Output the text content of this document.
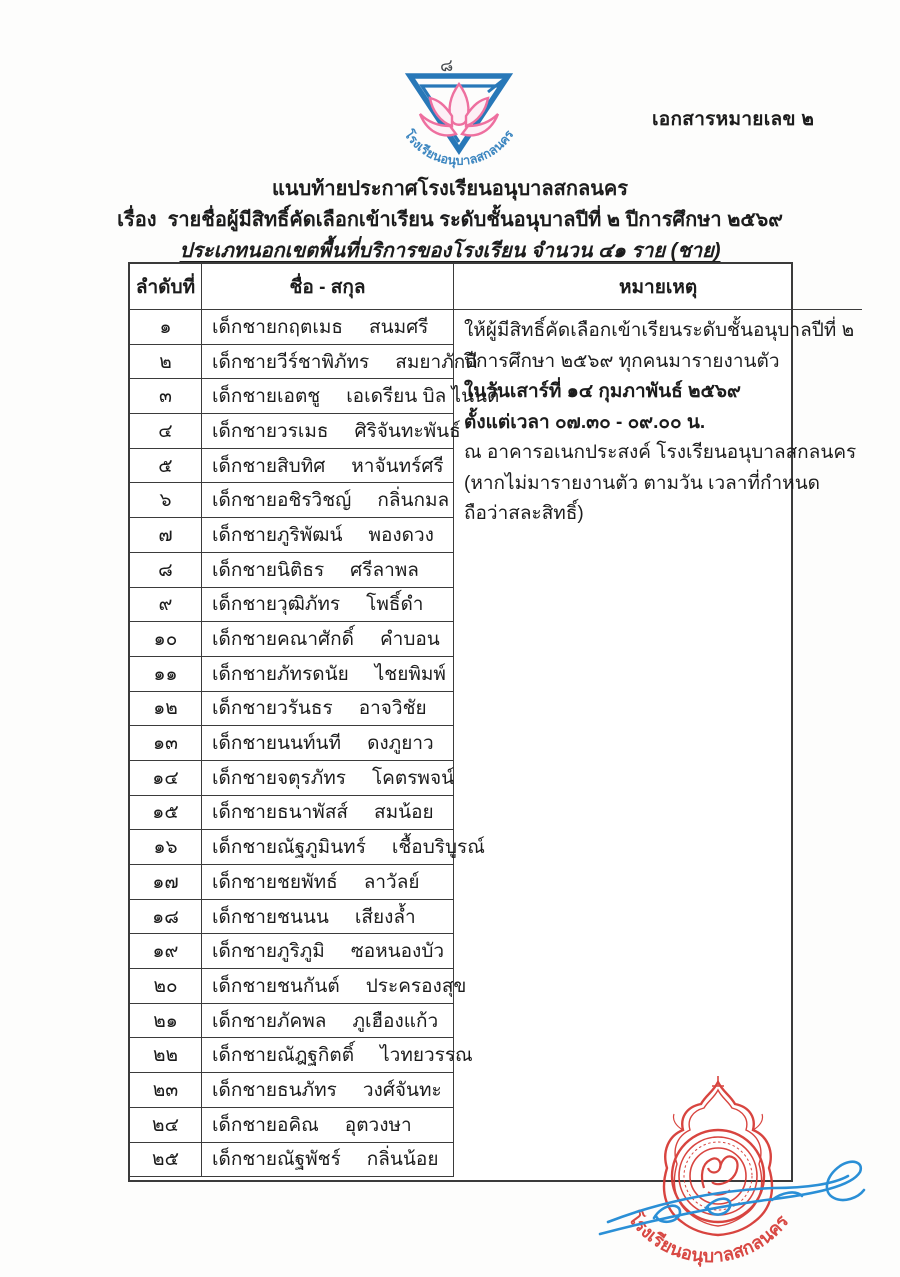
๘
โรงเรียนอนุบาลสกลนคร
เอกสารหมายเลข ๒
แนบท้ายประกาศโรงเรียนอนุบาลสกลนคร
เรื่อง  รายชื่อผู้มีสิทธิ์คัดเลือกเข้าเรียน ระดับชั้นอนุบาลปีที่ ๒ ปีการศึกษา ๒๕๖๙
ประเภทนอกเขตพื้นที่บริการของโรงเรียน จำนวน ๔๑ ราย (ชาย)
ลำดับที่	ชื่อ - สกุล	หมายเหตุ
ให้ผู้มีสิทธิ์คัดเลือกเข้าเรียนระดับชั้นอนุบาลปีที่ ๒
ปีการศึกษา ๒๕๖๙ ทุกคนมารายงานตัว
ในวันเสาร์ที่ ๑๔ กุมภาพันธ์ ๒๕๖๙
ตั้งแต่เวลา ๐๗.๓๐ - ๐๙.๐๐ น.
ณ อาคารอเนกประสงค์ โรงเรียนอนุบาลสกลนคร
(หากไม่มารายงานตัว ตามวัน เวลาที่กำหนด
ถือว่าสละสิทธิ์)
๑	เด็กชายกฤตเมธ สนมศรี
๒	เด็กชายวีร์ชาพิภัทร สมยาภักดี
๓	เด็กชายเอตชู เอเดรียน บิล ไนนดิ
๔	เด็กชายวรเมธ ศิริจันทะพันธ์
๕	เด็กชายสิบทิศ หาจันทร์ศรี
๖	เด็กชายอชิรวิชญ์ กลิ่นกมล
๗	เด็กชายภูริพัฒน์ พองดวง
๘	เด็กชายนิติธร ศรีลาพล
๙	เด็กชายวุฒิภัทร โพธิ์ดำ
๑๐	เด็กชายคณาศักดิ์ คำบอน
๑๑	เด็กชายภัทรดนัย ไชยพิมพ์
๑๒	เด็กชายวรันธร อาจวิชัย
๑๓	เด็กชายนนท์นที ดงภูยาว
๑๔	เด็กชายจตุรภัทร โคตรพจน์
๑๕	เด็กชายธนาพัสส์ สมน้อย
๑๖	เด็กชายณัฐภูมินทร์ เชื้อบริบูรณ์
๑๗	เด็กชายชยพัทธ์ ลาวัลย์
๑๘	เด็กชายชนนน เสียงล้ำ
๑๙	เด็กชายภูริภูมิ ซอหนองบัว
๒๐	เด็กชายชนกันต์ ประครองสุข
๒๑	เด็กชายภัคพล ภูเฮืองแก้ว
๒๒	เด็กชายณัฎฐกิตติ์ ไวทยวรรณ
๒๓	เด็กชายธนภัทร วงศ์จันทะ
๒๔	เด็กชายอคิณ อุตวงษา
๒๕	เด็กชายณัฐพัชร์ กลิ่นน้อย
โรงเรียนอนุบาลสกลนคร
